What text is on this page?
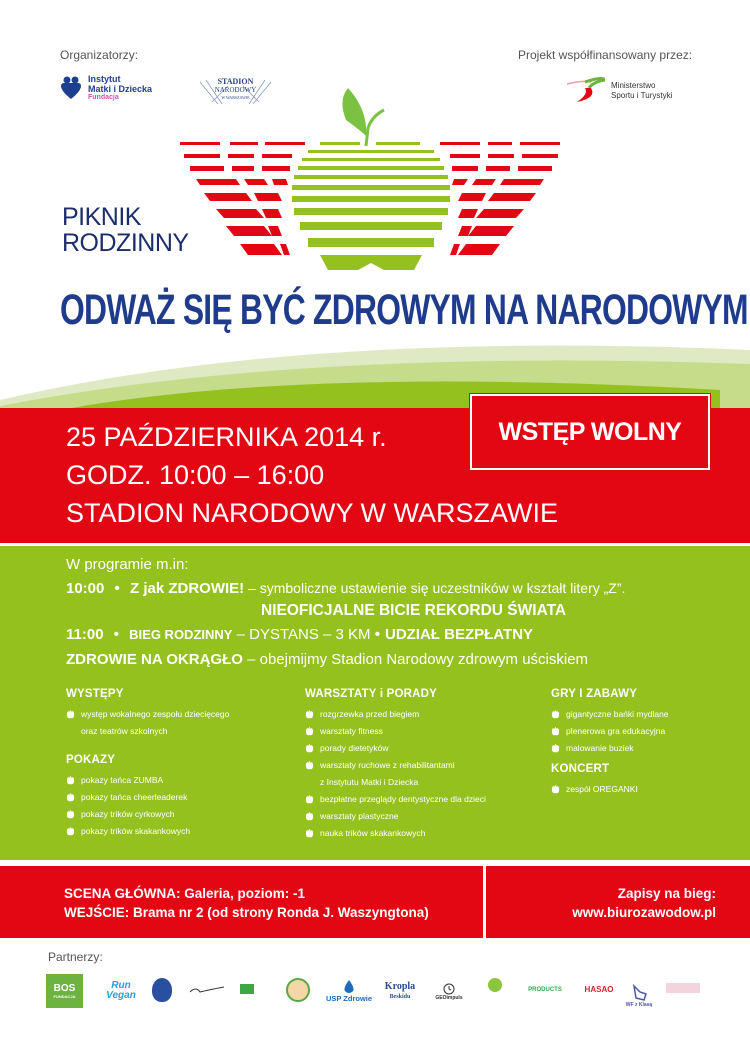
Organizatorzy:	Projekt współfinansowany przez:
Instytut
Matki i Dziecka
Fundacja
STADION
NARODOWY
W WARSZAWIE
Ministerstwo
Sportu i Turystyki
PIKNIK
RODZINNY
ODWAŻ SIĘ BYĆ ZDROWYM NA NARODOWYM
25 PAŹDZIERNIKA 2014 r.
GODZ. 10:00 – 16:00
STADION NARODOWY W WARSZAWIE
WSTĘP WOLNY
W programie m.in:
10:00 • Z jak ZDROWIE! – symboliczne ustawienie się uczestników w kształt litery „Z”.
NIEOFICJALNE BICIE REKORDU ŚWIATA
11:00 • BIEG RODZINNY – DYSTANS – 3 KM • UDZIAŁ BEZPŁATNY
ZDROWIE NA OKRĄGŁO – obejmijmy Stadion Narodowy zdrowym uściskiem
WYSTĘPY
występ wokalnego zespołu dziecięcego
oraz teatrów szkolnych
POKAZY
pokazy tańca ZUMBA
pokazy tańca cheerleaderek
pokazy trików cyrkowych
pokazy trików skakankowych
WARSZTATY i PORADY
rozgrzewka przed biegiem
warsztaty fitness
porady dietetyków
warsztaty ruchowe z rehabilitantami
z Instytutu Matki i Dziecka
bezpłatne przeglądy dentystyczne dla dzieci
warsztaty plastyczne
nauka trików skakankowych
GRY I ZABAWY
gigantyczne bańki mydlane
plenerowa gra edukacyjna
malowanie buziek
KONCERT
zespół OREGANKI
SCENA GŁÓWNA: Galeria, poziom: -1
WEJŚCIE: Brama nr 2 (od strony Ronda J. Waszyngtona)
Zapisy na bieg:
www.biurozawodow.pl
Partnerzy:
BOS
FUNDACJA
Run
Vegan	USP Zdrowie
Kropla
Beskidu	GEOimpuls
PRODUCTS	HASAO
WF z Klasą
